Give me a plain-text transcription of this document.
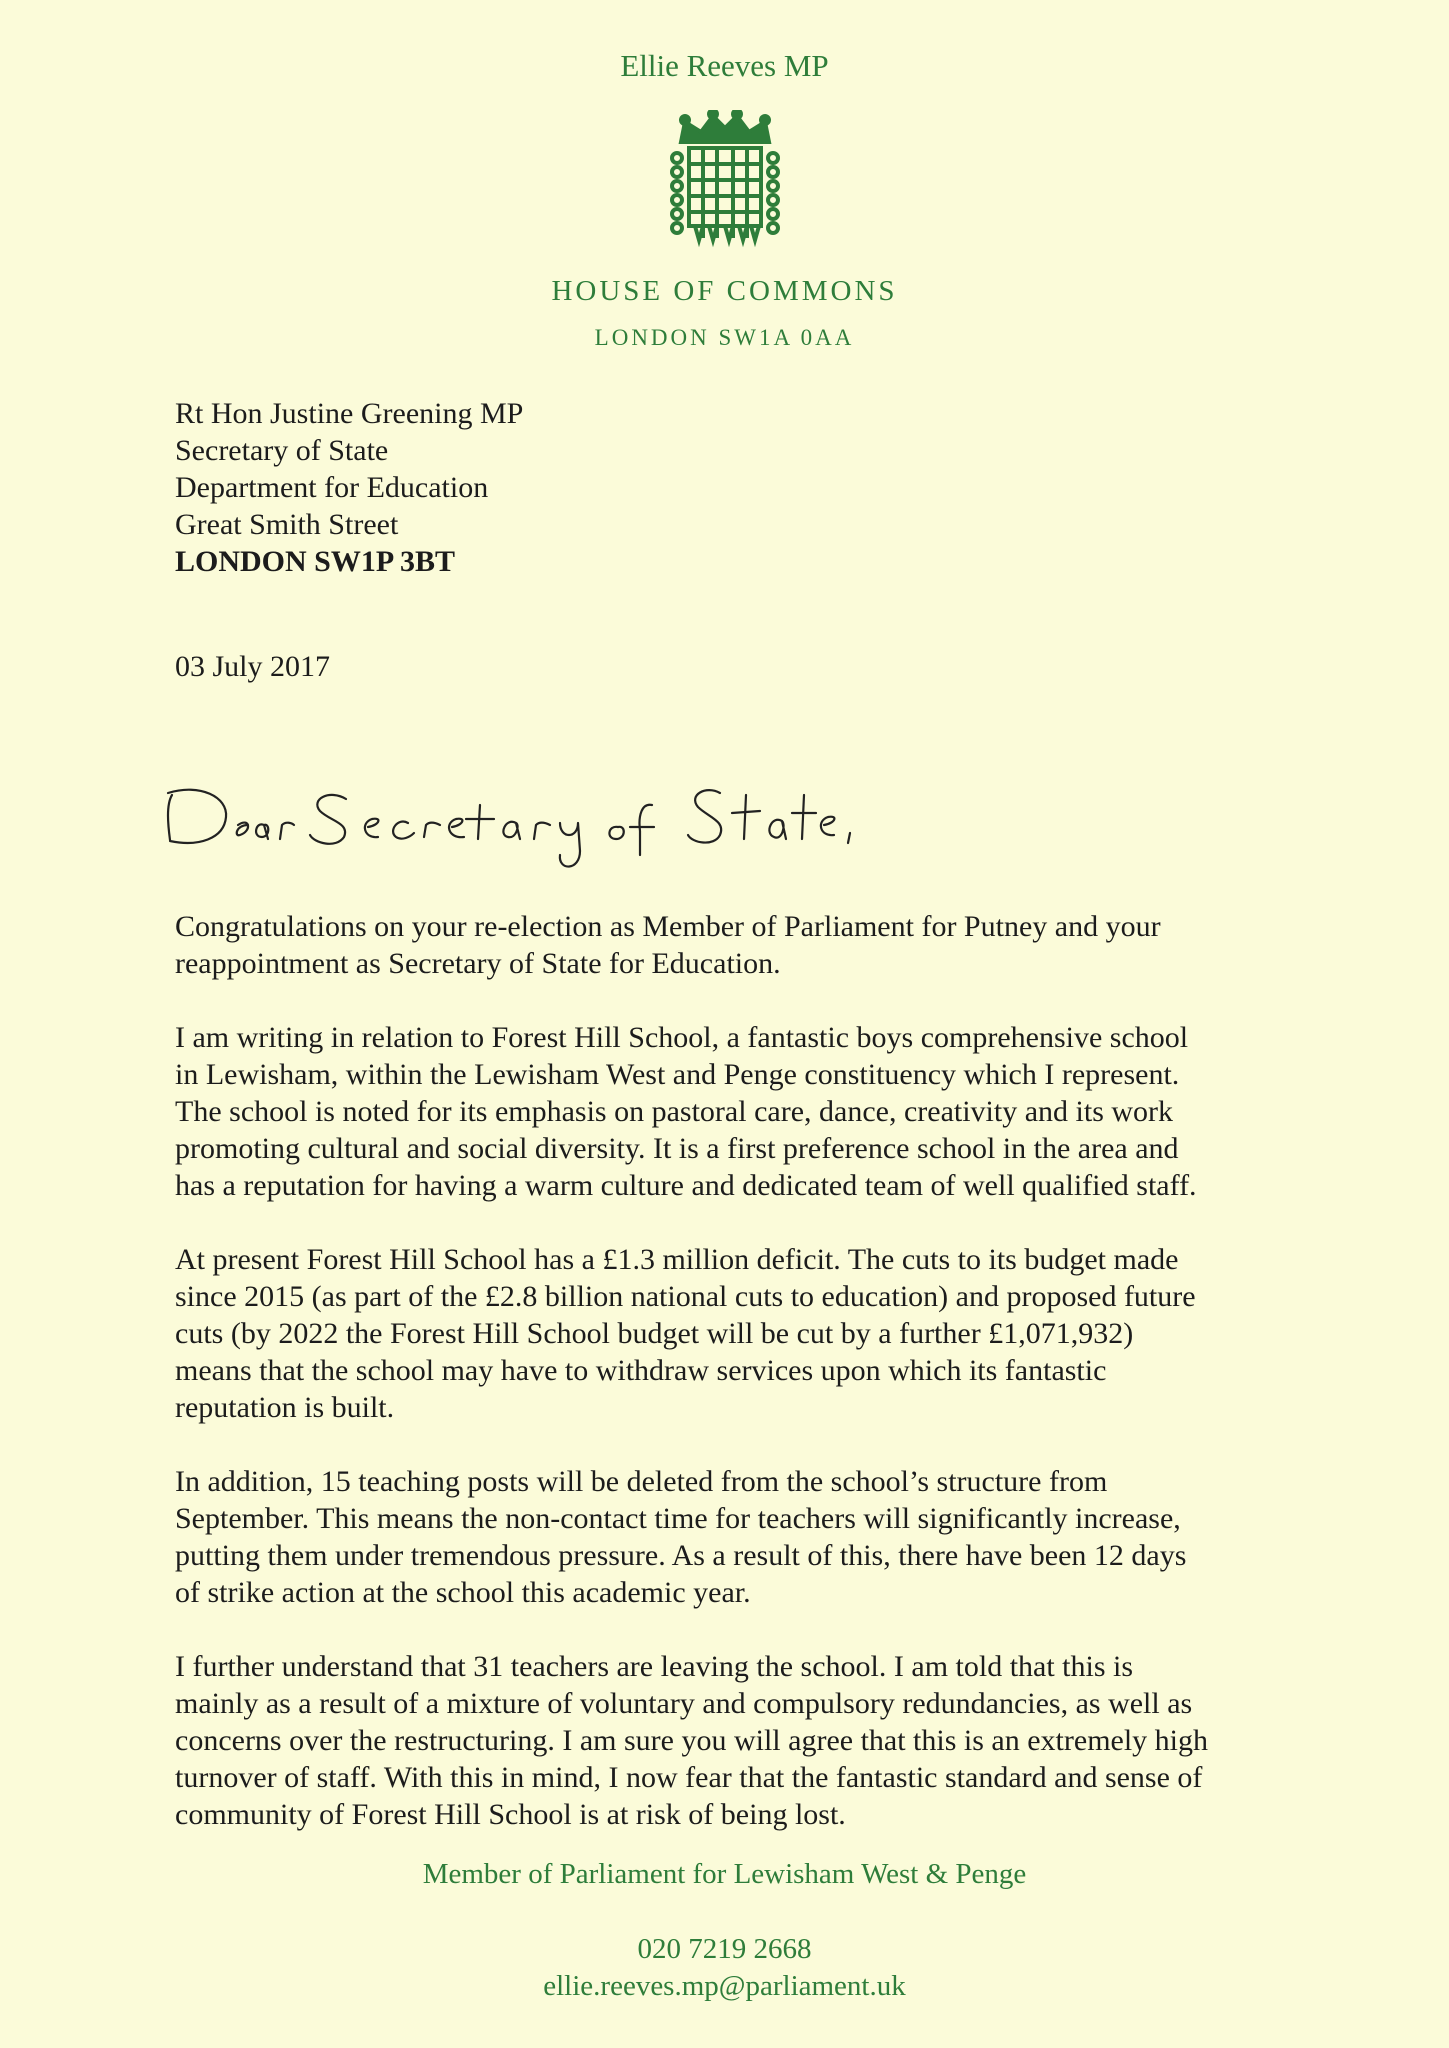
Ellie Reeves MP
HOUSE OF COMMONS
LONDON SW1A 0AA
Rt Hon Justine Greening MP
Secretary of State
Department for Education
Great Smith Street
LONDON SW1P 3BT
03 July 2017

Congratulations on your re-election as Member of Parliament for Putney and your
reappointment as Secretary of State for Education.

I am writing in relation to Forest Hill School, a fantastic boys comprehensive school
in Lewisham, within the Lewisham West and Penge constituency which I represent.
The school is noted for its emphasis on pastoral care, dance, creativity and its work
promoting cultural and social diversity. It is a first preference school in the area and
has a reputation for having a warm culture and dedicated team of well qualified staff.

At present Forest Hill School has a £1.3 million deficit. The cuts to its budget made
since 2015 (as part of the £2.8 billion national cuts to education) and proposed future
cuts (by 2022 the Forest Hill School budget will be cut by a further £1,071,932)
means that the school may have to withdraw services upon which its fantastic
reputation is built.

In addition, 15 teaching posts will be deleted from the school’s structure from
September. This means the non-contact time for teachers will significantly increase,
putting them under tremendous pressure. As a result of this, there have been 12 days
of strike action at the school this academic year.

I further understand that 31 teachers are leaving the school. I am told that this is
mainly as a result of a mixture of voluntary and compulsory redundancies, as well as
concerns over the restructuring. I am sure you will agree that this is an extremely high
turnover of staff. With this in mind, I now fear that the fantastic standard and sense of
community of Forest Hill School is at risk of being lost.

Member of Parliament for Lewisham West & Penge
020 7219 2668
ellie.reeves.mp@parliament.uk
